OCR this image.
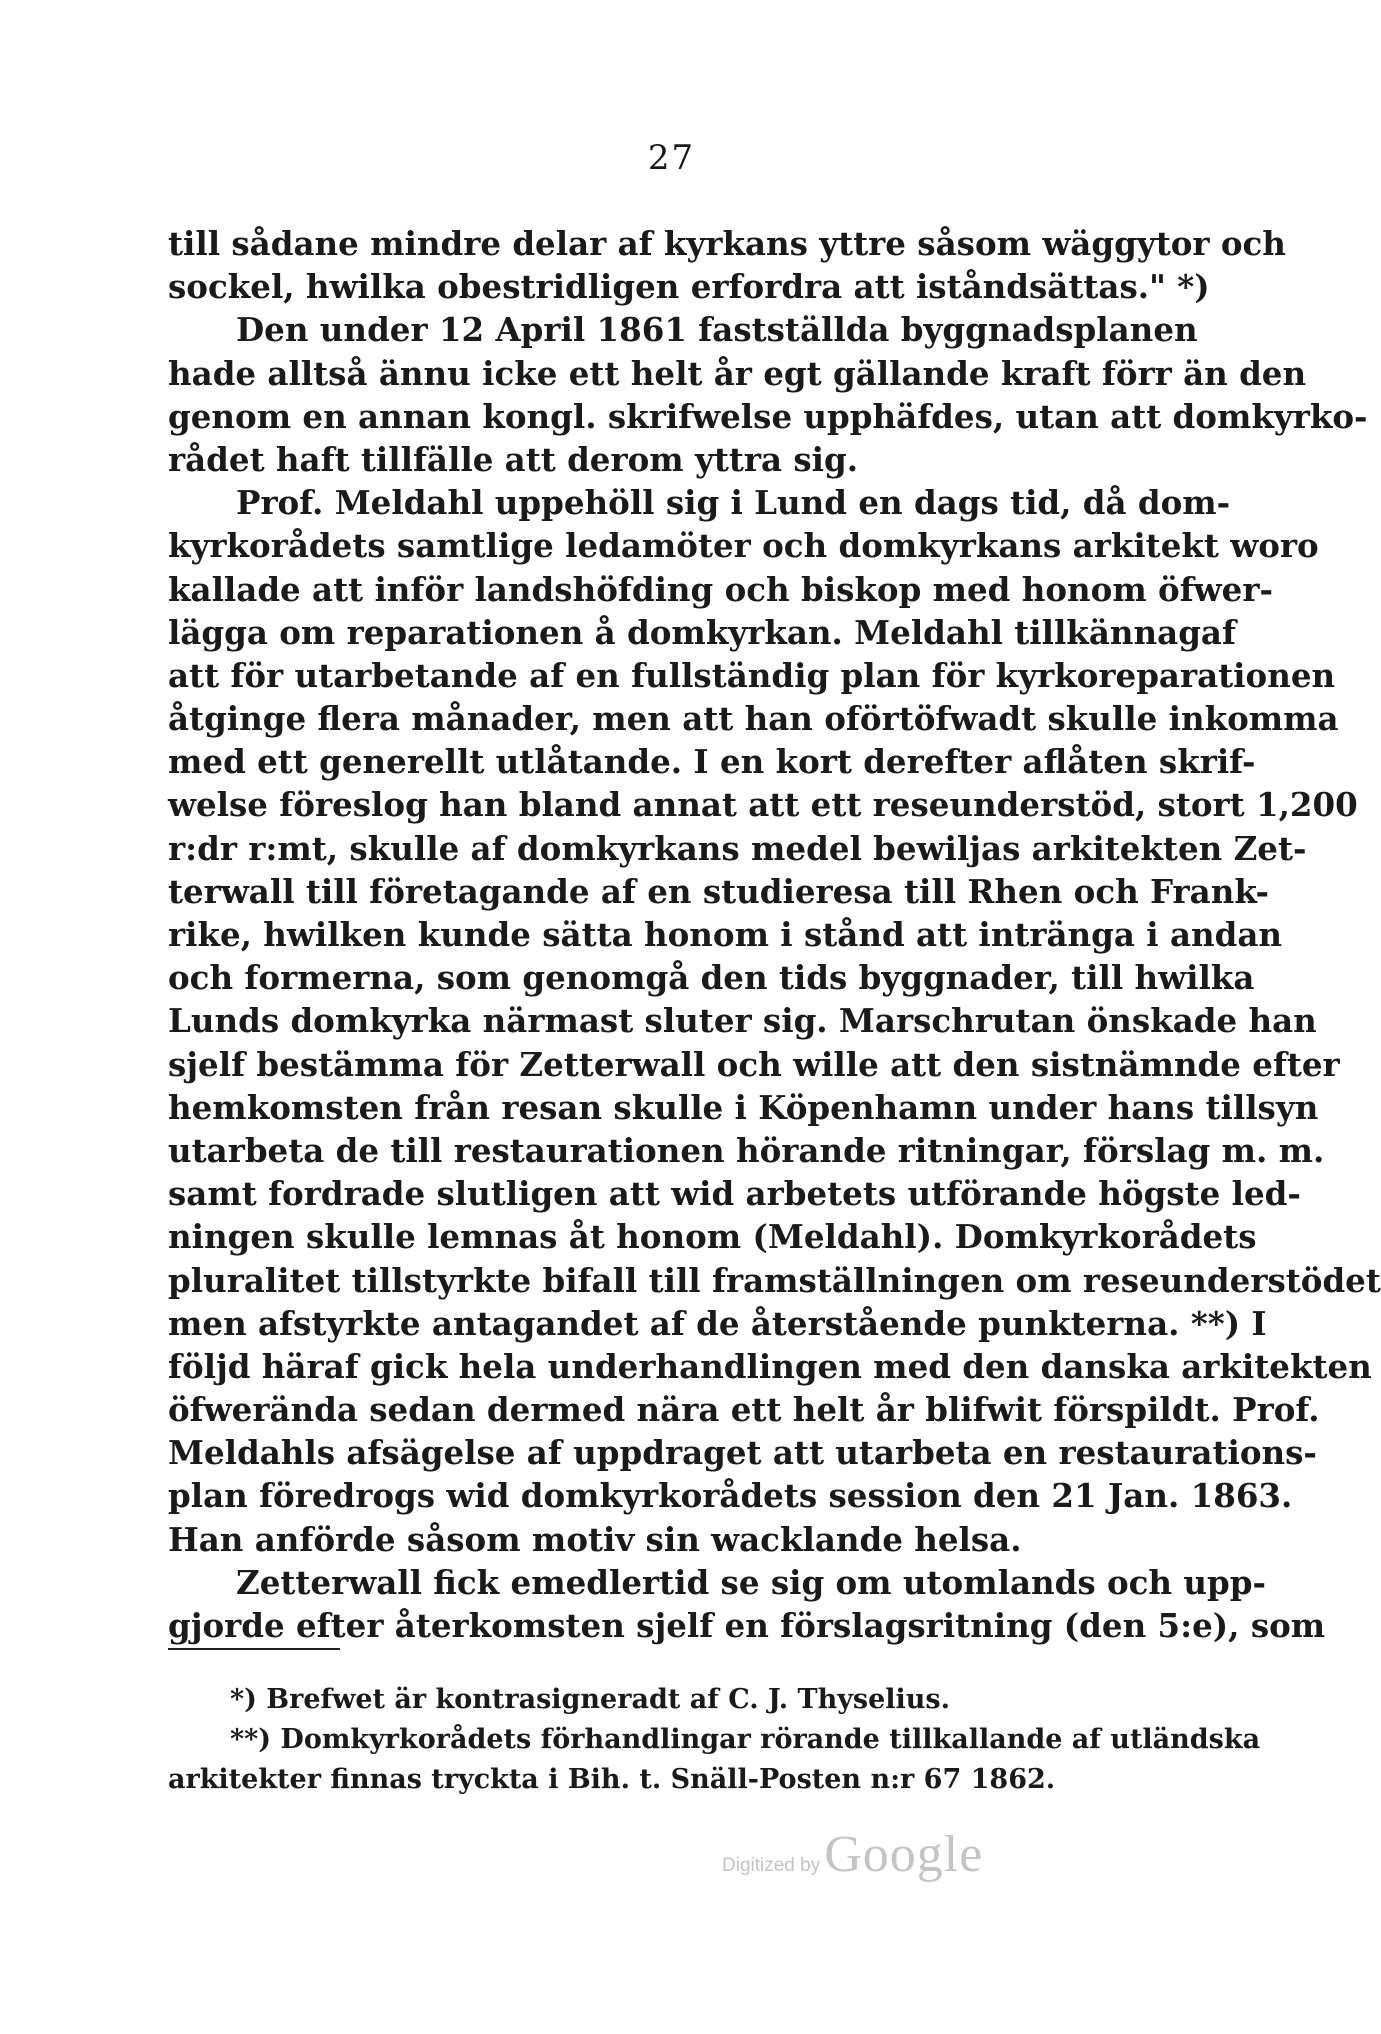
27
till sådane mindre delar af kyrkans yttre såsom wäggytor och
sockel, hwilka obestridligen erfordra att iståndsättas." *)
Den under 12 April 1861 fastställda byggnadsplanen
hade alltså ännu icke ett helt år egt gällande kraft förr än den
genom en annan kongl. skrifwelse upphäfdes, utan att domkyrko-
rådet haft tillfälle att derom yttra sig.
Prof. Meldahl uppehöll sig i Lund en dags tid, då dom-
kyrkorådets samtlige ledamöter och domkyrkans arkitekt woro
kallade att inför landshöfding och biskop med honom öfwer-
lägga om reparationen å domkyrkan. Meldahl tillkännagaf
att för utarbetande af en fullständig plan för kyrkoreparationen
åtginge flera månader, men att han oförtöfwadt skulle inkomma
med ett generellt utlåtande. I en kort derefter aflåten skrif-
welse föreslog han bland annat att ett reseunderstöd, stort 1,200
r:dr r:mt, skulle af domkyrkans medel bewiljas arkitekten Zet-
terwall till företagande af en studieresa till Rhen och Frank-
rike, hwilken kunde sätta honom i stånd att intränga i andan
och formerna, som genomgå den tids byggnader, till hwilka
Lunds domkyrka närmast sluter sig. Marschrutan önskade han
sjelf bestämma för Zetterwall och wille att den sistnämnde efter
hemkomsten från resan skulle i Köpenhamn under hans tillsyn
utarbeta de till restaurationen hörande ritningar, förslag m. m.
samt fordrade slutligen att wid arbetets utförande högste led-
ningen skulle lemnas åt honom (Meldahl). Domkyrkorådets
pluralitet tillstyrkte bifall till framställningen om reseunderstödet
men afstyrkte antagandet af de återstående punkterna. **) I
följd häraf gick hela underhandlingen med den danska arkitekten
öfwerända sedan dermed nära ett helt år blifwit förspildt. Prof.
Meldahls afsägelse af uppdraget att utarbeta en restaurations-
plan föredrogs wid domkyrkorådets session den 21 Jan. 1863.
Han anförde såsom motiv sin wacklande helsa.
Zetterwall fick emedlertid se sig om utomlands och upp-
gjorde efter återkomsten sjelf en förslagsritning (den 5:e), som
*) Brefwet är kontrasigneradt af C. J. Thyselius.
**) Domkyrkorådets förhandlingar rörande tillkallande af utländska
arkitekter finnas tryckta i Bih. t. Snäll-Posten n:r 67 1862.
Digitized by Google
